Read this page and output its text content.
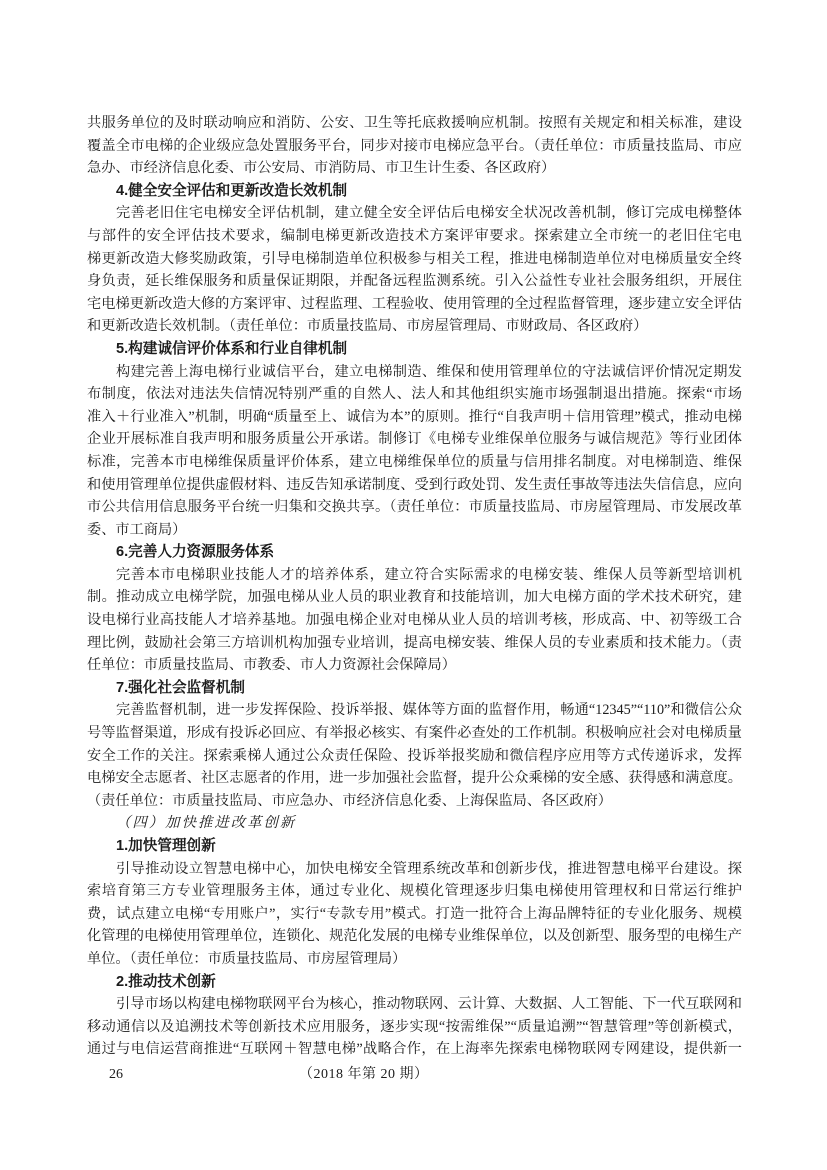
共服务单位的及时联动响应和消防、公安、卫生等托底救援响应机制。按照有关规定和相关标准，建设
覆盖全市电梯的企业级应急处置服务平台，同步对接市电梯应急平台。（责任单位：市质量技监局、市应
急办、市经济信息化委、市公安局、市消防局、市卫生计生委、各区政府）
4.健全安全评估和更新改造长效机制
完善老旧住宅电梯安全评估机制，建立健全安全评估后电梯安全状况改善机制，修订完成电梯整体
与部件的安全评估技术要求，编制电梯更新改造技术方案评审要求。探索建立全市统一的老旧住宅电
梯更新改造大修奖励政策，引导电梯制造单位积极参与相关工程，推进电梯制造单位对电梯质量安全终
身负责，延长维保服务和质量保证期限，并配备远程监测系统。引入公益性专业社会服务组织，开展住
宅电梯更新改造大修的方案评审、过程监理、工程验收、使用管理的全过程监督管理，逐步建立安全评估
和更新改造长效机制。（责任单位：市质量技监局、市房屋管理局、市财政局、各区政府）
5.构建诚信评价体系和行业自律机制
构建完善上海电梯行业诚信平台，建立电梯制造、维保和使用管理单位的守法诚信评价情况定期发
布制度，依法对违法失信情况特别严重的自然人、法人和其他组织实施市场强制退出措施。探索“市场
准入＋行业准入”机制，明确“质量至上、诚信为本”的原则。推行“自我声明＋信用管理”模式，推动电梯
企业开展标准自我声明和服务质量公开承诺。制修订《电梯专业维保单位服务与诚信规范》等行业团体
标准，完善本市电梯维保质量评价体系，建立电梯维保单位的质量与信用排名制度。对电梯制造、维保
和使用管理单位提供虚假材料、违反告知承诺制度、受到行政处罚、发生责任事故等违法失信信息，应向
市公共信用信息服务平台统一归集和交换共享。（责任单位：市质量技监局、市房屋管理局、市发展改革
委、市工商局）
6.完善人力资源服务体系
完善本市电梯职业技能人才的培养体系，建立符合实际需求的电梯安装、维保人员等新型培训机
制。推动成立电梯学院，加强电梯从业人员的职业教育和技能培训，加大电梯方面的学术技术研究，建
设电梯行业高技能人才培养基地。加强电梯企业对电梯从业人员的培训考核，形成高、中、初等级工合
理比例，鼓励社会第三方培训机构加强专业培训，提高电梯安装、维保人员的专业素质和技术能力。（责
任单位：市质量技监局、市教委、市人力资源社会保障局）
7.强化社会监督机制
完善监督机制，进一步发挥保险、投诉举报、媒体等方面的监督作用，畅通“12345”“110”和微信公众
号等监督渠道，形成有投诉必回应、有举报必核实、有案件必查处的工作机制。积极响应社会对电梯质量
安全工作的关注。探索乘梯人通过公众责任保险、投诉举报奖励和微信程序应用等方式传递诉求，发挥
电梯安全志愿者、社区志愿者的作用，进一步加强社会监督，提升公众乘梯的安全感、获得感和满意度。
（责任单位：市质量技监局、市应急办、市经济信息化委、上海保监局、各区政府）
（四）加快推进改革创新
1.加快管理创新
引导推动设立智慧电梯中心，加快电梯安全管理系统改革和创新步伐，推进智慧电梯平台建设。探
索培育第三方专业管理服务主体，通过专业化、规模化管理逐步归集电梯使用管理权和日常运行维护
费，试点建立电梯“专用账户”，实行“专款专用”模式。打造一批符合上海品牌特征的专业化服务、规模
化管理的电梯使用管理单位，连锁化、规范化发展的电梯专业维保单位，以及创新型、服务型的电梯生产
单位。（责任单位：市质量技监局、市房屋管理局）
2.推动技术创新
引导市场以构建电梯物联网平台为核心，推动物联网、云计算、大数据、人工智能、下一代互联网和
移动通信以及追溯技术等创新技术应用服务，逐步实现“按需维保”“质量追溯”“智慧管理”等创新模式，
通过与电信运营商推进“互联网＋智慧电梯”战略合作，在上海率先探索电梯物联网专网建设，提供新一
26	（2018 年第 20 期）
